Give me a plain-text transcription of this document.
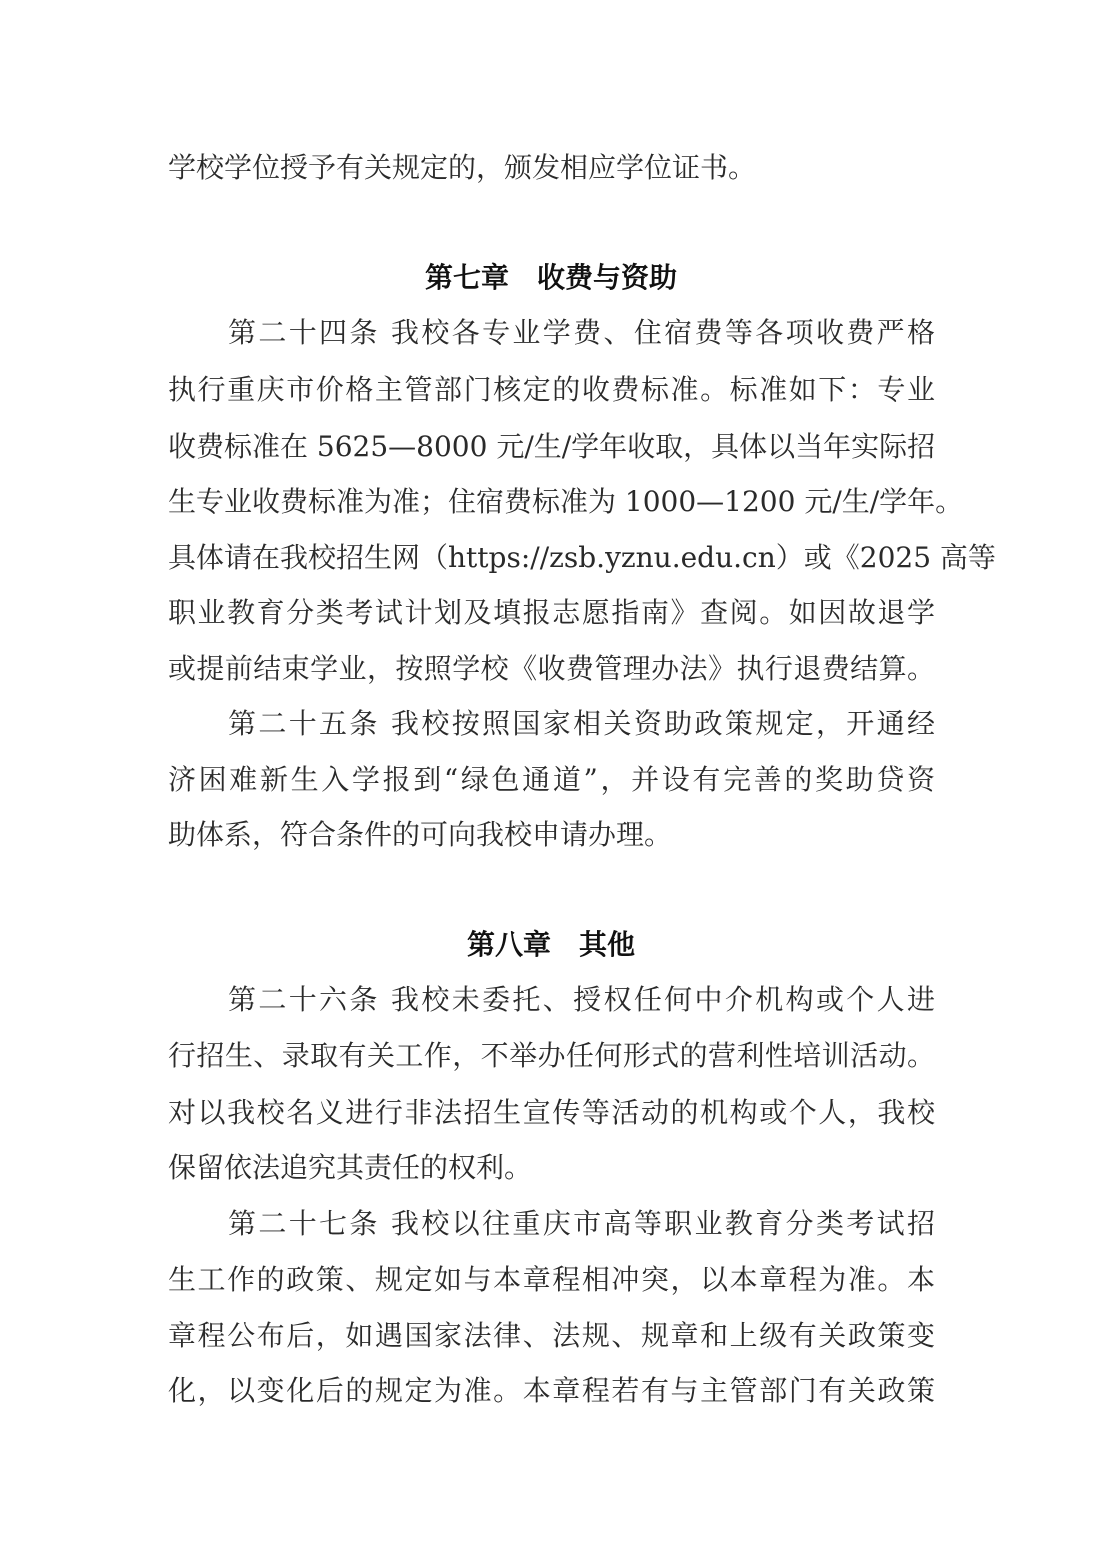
学校学位授予有关规定的，颁发相应学位证书。
第七章　收费与资助
第二十四条 我校各专业学费、住宿费等各项收费严格
执行重庆市价格主管部门核定的收费标准。标准如下：专业
收费标准在 5625—8000 元/生/学年收取，具体以当年实际招
生专业收费标准为准；住宿费标准为 1000—1200 元/生/学年。
具体请在我校招生网（https://zsb.yznu.edu.cn）或《2025 高等
职业教育分类考试计划及填报志愿指南》查阅。如因故退学
或提前结束学业，按照学校《收费管理办法》执行退费结算。
第二十五条 我校按照国家相关资助政策规定，开通经
济困难新生入学报到“绿色通道”，并设有完善的奖助贷资
助体系，符合条件的可向我校申请办理。
第八章　其他
第二十六条 我校未委托、授权任何中介机构或个人进
行招生、录取有关工作，不举办任何形式的营利性培训活动。
对以我校名义进行非法招生宣传等活动的机构或个人，我校
保留依法追究其责任的权利。
第二十七条 我校以往重庆市高等职业教育分类考试招
生工作的政策、规定如与本章程相冲突，以本章程为准。本
章程公布后，如遇国家法律、法规、规章和上级有关政策变
化，以变化后的规定为准。本章程若有与主管部门有关政策
